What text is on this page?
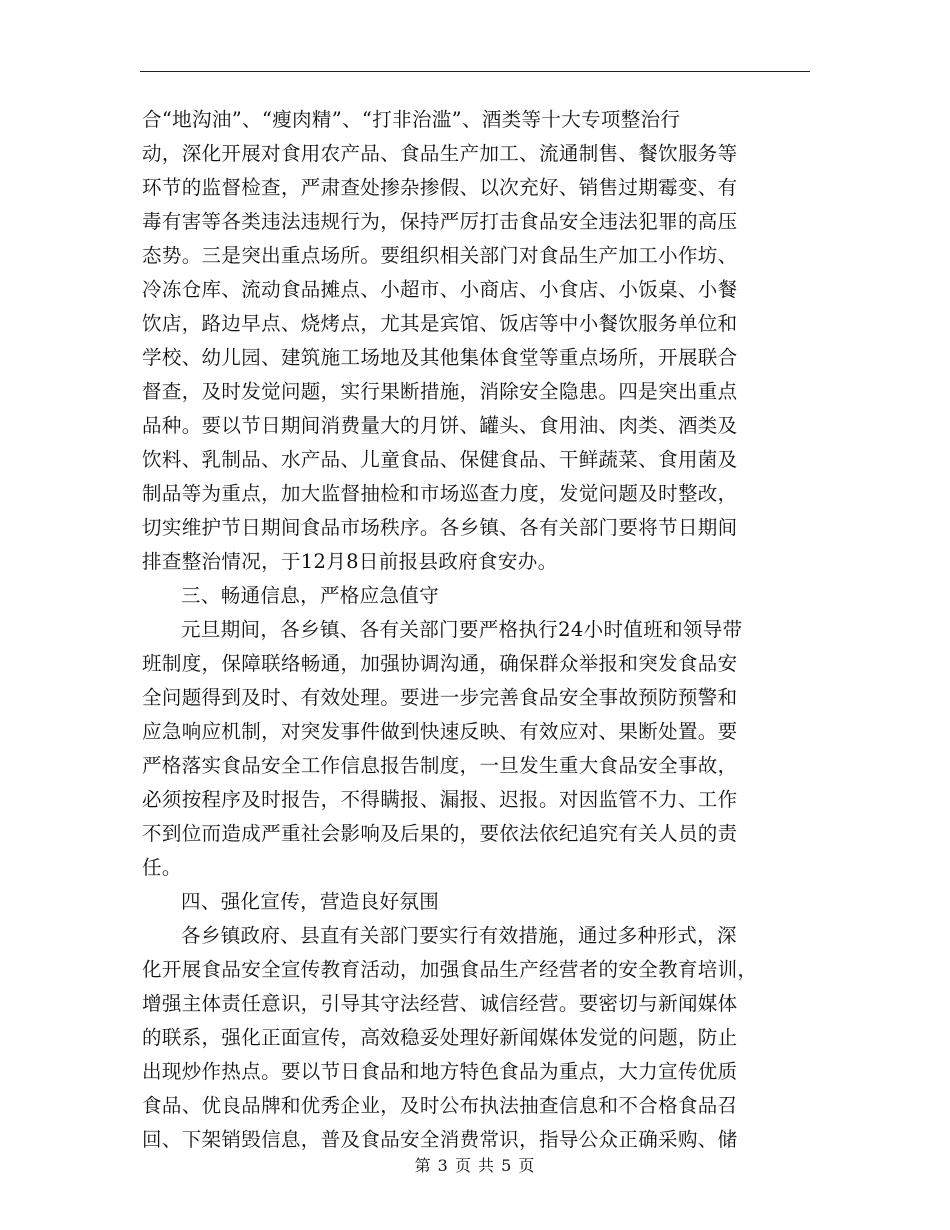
合“地沟油”、“瘦肉精”、“打非治滥”、酒类等十大专项整治行
动，深化开展对食用农产品、食品生产加工、流通制售、餐饮服务等
环节的监督检查，严肃查处掺杂掺假、以次充好、销售过期霉变、有
毒有害等各类违法违规行为，保持严厉打击食品安全违法犯罪的高压
态势。三是突出重点场所。要组织相关部门对食品生产加工小作坊、
冷冻仓库、流动食品摊点、小超市、小商店、小食店、小饭桌、小餐
饮店，路边早点、烧烤点，尤其是宾馆、饭店等中小餐饮服务单位和
学校、幼儿园、建筑施工场地及其他集体食堂等重点场所，开展联合
督查，及时发觉问题，实行果断措施，消除安全隐患。四是突出重点
品种。要以节日期间消费量大的月饼、罐头、食用油、肉类、酒类及
饮料、乳制品、水产品、儿童食品、保健食品、干鲜蔬菜、食用菌及
制品等为重点，加大监督抽检和市场巡查力度，发觉问题及时整改，
切实维护节日期间食品市场秩序。各乡镇、各有关部门要将节日期间
排查整治情况，于12月8日前报县政府食安办。
三、畅通信息，严格应急值守
元旦期间，各乡镇、各有关部门要严格执行24小时值班和领导带
班制度，保障联络畅通，加强协调沟通，确保群众举报和突发食品安
全问题得到及时、有效处理。要进一步完善食品安全事故预防预警和
应急响应机制，对突发事件做到快速反映、有效应对、果断处置。要
严格落实食品安全工作信息报告制度，一旦发生重大食品安全事故，
必须按程序及时报告，不得瞒报、漏报、迟报。对因监管不力、工作
不到位而造成严重社会影响及后果的，要依法依纪追究有关人员的责
任。
四、强化宣传，营造良好氛围
各乡镇政府、县直有关部门要实行有效措施，通过多种形式，深
化开展食品安全宣传教育活动，加强食品生产经营者的安全教育培训，
增强主体责任意识，引导其守法经营、诚信经营。要密切与新闻媒体
的联系，强化正面宣传，高效稳妥处理好新闻媒体发觉的问题，防止
出现炒作热点。要以节日食品和地方特色食品为重点，大力宣传优质
食品、优良品牌和优秀企业，及时公布执法抽查信息和不合格食品召
回、下架销毁信息，普及食品安全消费常识，指导公众正确采购、储
第 3 页 共 5 页
